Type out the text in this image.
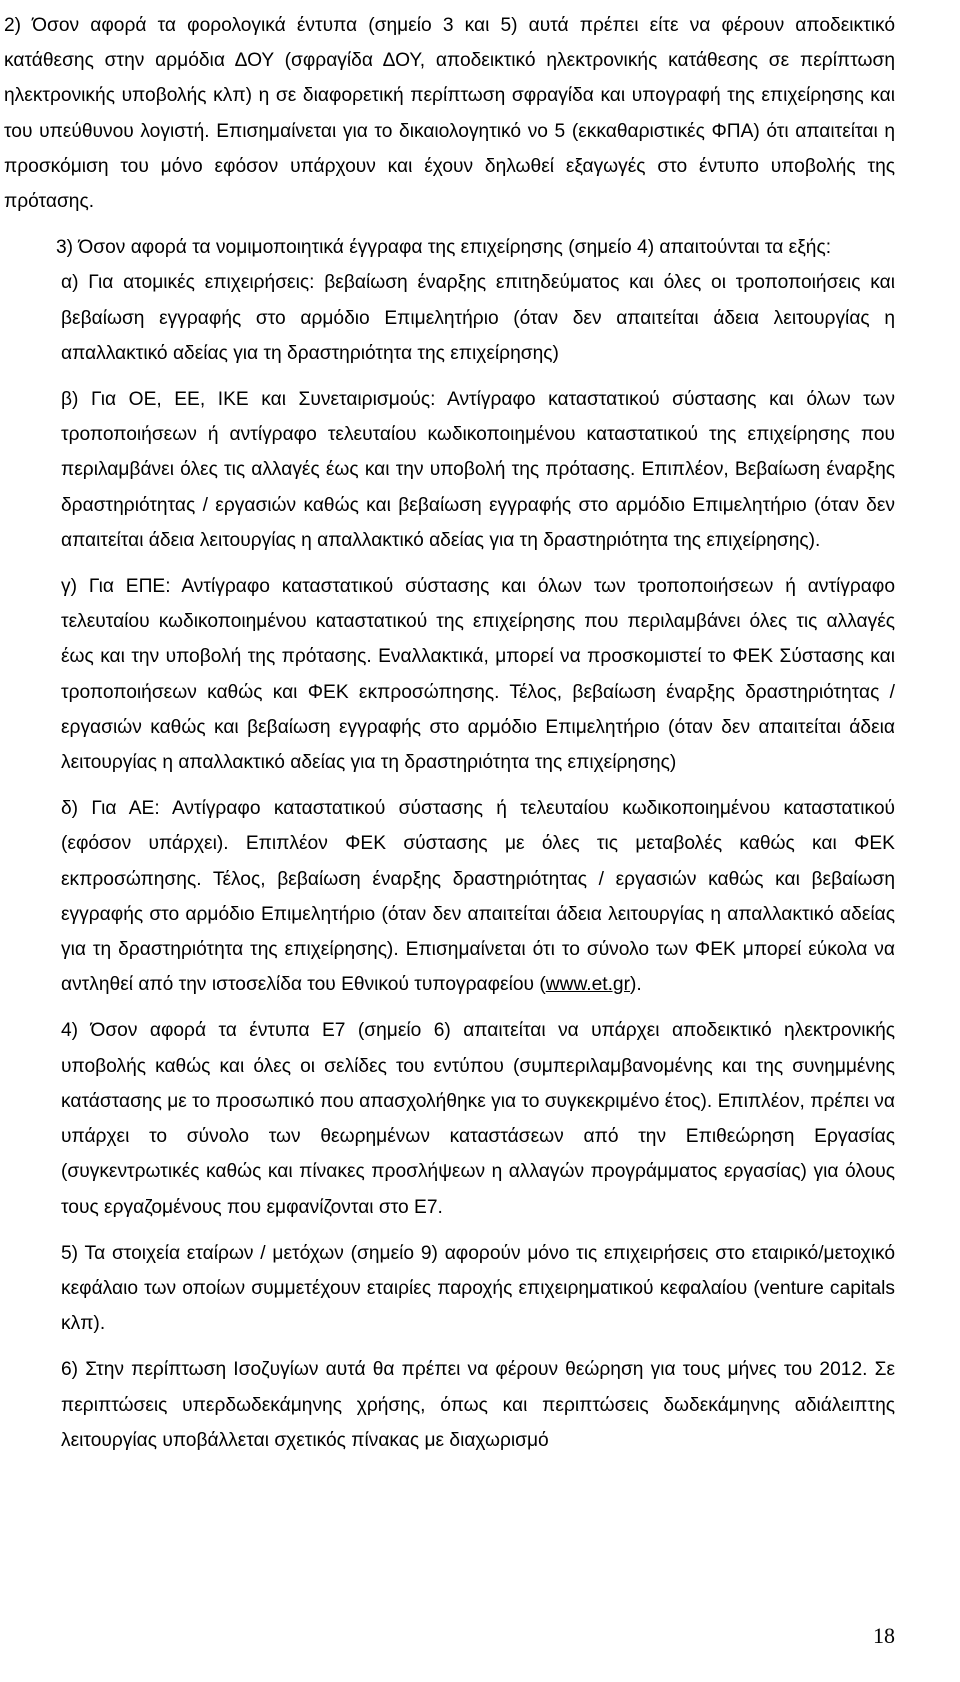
2) Όσον αφορά τα φορολογικά έντυπα (σημείο 3 και 5) αυτά πρέπει είτε να φέρουν αποδεικτικό κατάθεσης στην αρμόδια ΔΟΥ (σφραγίδα ΔΟΥ, αποδεικτικό ηλεκτρονικής κατάθεσης σε περίπτωση ηλεκτρονικής υποβολής κλπ) η σε διαφορετική περίπτωση σφραγίδα και υπογραφή της επιχείρησης και του υπεύθυνου λογιστή. Επισημαίνεται για το δικαιολογητικό νο 5 (εκκαθαριστικές ΦΠΑ) ότι απαιτείται η προσκόμιση του μόνο εφόσον υπάρχουν και έχουν δηλωθεί εξαγωγές στο έντυπο υποβολής της πρότασης.

3) Όσον αφορά τα νομιμοποιητικά έγγραφα της επιχείρησης (σημείο 4) απαιτούνται τα εξής:

α) Για ατομικές επιχειρήσεις: βεβαίωση έναρξης επιτηδεύματος και όλες οι τροποποιήσεις και βεβαίωση εγγραφής στο αρμόδιο Επιμελητήριο (όταν δεν απαιτείται άδεια λειτουργίας η απαλλακτικό αδείας για τη δραστηριότητα της επιχείρησης)

β) Για ΟΕ, ΕΕ, ΙΚΕ και Συνεταιρισμούς: Αντίγραφο καταστατικού σύστασης και όλων των τροποποιήσεων ή αντίγραφο τελευταίου κωδικοποιημένου καταστατικού της επιχείρησης που περιλαμβάνει όλες τις αλλαγές έως και την υποβολή της πρότασης. Επιπλέον, Βεβαίωση έναρξης δραστηριότητας / εργασιών καθώς και βεβαίωση εγγραφής στο αρμόδιο Επιμελητήριο (όταν δεν απαιτείται άδεια λειτουργίας η απαλλακτικό αδείας για τη δραστηριότητα της επιχείρησης).

γ) Για ΕΠΕ: Αντίγραφο καταστατικού σύστασης και όλων των τροποποιήσεων ή αντίγραφο τελευταίου κωδικοποιημένου καταστατικού της επιχείρησης που περιλαμβάνει όλες τις αλλαγές έως και την υποβολή της πρότασης. Εναλλακτικά, μπορεί να προσκομιστεί το ΦΕΚ Σύστασης και τροποποιήσεων καθώς και ΦΕΚ εκπροσώπησης. Τέλος, βεβαίωση έναρξης δραστηριότητας / εργασιών καθώς και βεβαίωση εγγραφής στο αρμόδιο Επιμελητήριο (όταν δεν απαιτείται άδεια λειτουργίας η απαλλακτικό αδείας για τη δραστηριότητα της επιχείρησης)

δ) Για ΑΕ: Αντίγραφο καταστατικού σύστασης ή τελευταίου κωδικοποιημένου καταστατικού (εφόσον υπάρχει). Επιπλέον ΦΕΚ σύστασης με όλες τις μεταβολές καθώς και ΦΕΚ εκπροσώπησης. Τέλος, βεβαίωση έναρξης δραστηριότητας / εργασιών καθώς και βεβαίωση εγγραφής στο αρμόδιο Επιμελητήριο (όταν δεν απαιτείται άδεια λειτουργίας η απαλλακτικό αδείας για τη δραστηριότητα της επιχείρησης). Επισημαίνεται ότι το σύνολο των ΦΕΚ μπορεί εύκολα να αντληθεί από την ιστοσελίδα του Εθνικού τυπογραφείου (www.et.gr).

4) Όσον αφορά τα έντυπα Ε7 (σημείο 6) απαιτείται να υπάρχει αποδεικτικό ηλεκτρονικής υποβολής καθώς και όλες οι σελίδες του εντύπου (συμπεριλαμβανομένης και της συνημμένης κατάστασης με το προσωπικό που απασχολήθηκε για το συγκεκριμένο έτος). Επιπλέον, πρέπει να υπάρχει το σύνολο των θεωρημένων καταστάσεων από την Επιθεώρηση Εργασίας (συγκεντρωτικές καθώς και πίνακες προσλήψεων η αλλαγών προγράμματος εργασίας) για όλους τους εργαζομένους που εμφανίζονται στο Ε7.

5) Τα στοιχεία εταίρων / μετόχων (σημείο 9) αφορούν μόνο τις επιχειρήσεις στο εταιρικό/μετοχικό κεφάλαιο των οποίων συμμετέχουν εταιρίες παροχής επιχειρηματικού κεφαλαίου (venture capitals κλπ).

6) Στην περίπτωση Ισοζυγίων αυτά θα πρέπει να φέρουν θεώρηση για τους μήνες του 2012. Σε περιπτώσεις υπερδωδεκάμηνης χρήσης, όπως και περιπτώσεις δωδεκάμηνης αδιάλειπτης λειτουργίας υποβάλλεται σχετικός πίνακας με διαχωρισμό

18
